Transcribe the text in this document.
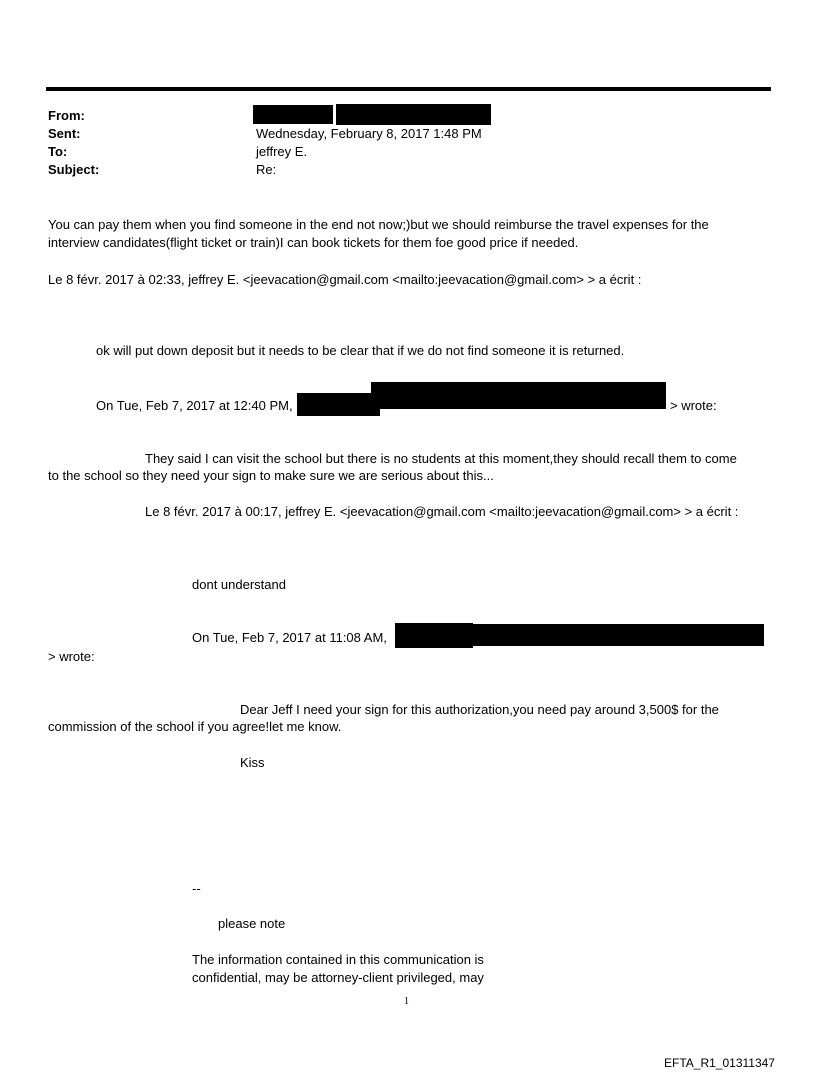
From:
Sent:
To:
Subject:
Wednesday, February 8, 2017 1:48 PM
jeffrey E.
Re:
You can pay them when you find someone in the end not now;)but we should reimburse the travel expenses for the
interview candidates(flight ticket or train)I can book tickets for them foe good price if needed.
Le 8 févr. 2017 à 02:33, jeffrey E. <jeevacation@gmail.com <mailto:jeevacation@gmail.com> > a écrit :
ok will put down deposit but it needs to be clear that if we do not find someone it is returned.
On Tue, Feb 7, 2017 at 12:40 PM,	> wrote:
They said I can visit the school but there is no students at this moment,they should recall them to come
to the school so they need your sign to make sure we are serious about this...
Le 8 févr. 2017 à 00:17, jeffrey E. <jeevacation@gmail.com <mailto:jeevacation@gmail.com> > a écrit :
dont understand
On Tue, Feb 7, 2017 at 11:08 AM,
> wrote:
Dear Jeff I need your sign for this authorization,you need pay around 3,500$ for the
commission of the school if you agree!let me know.
Kiss
--
please note
The information contained in this communication is
confidential, may be attorney-client privileged, may
1
EFTA_R1_01311347
